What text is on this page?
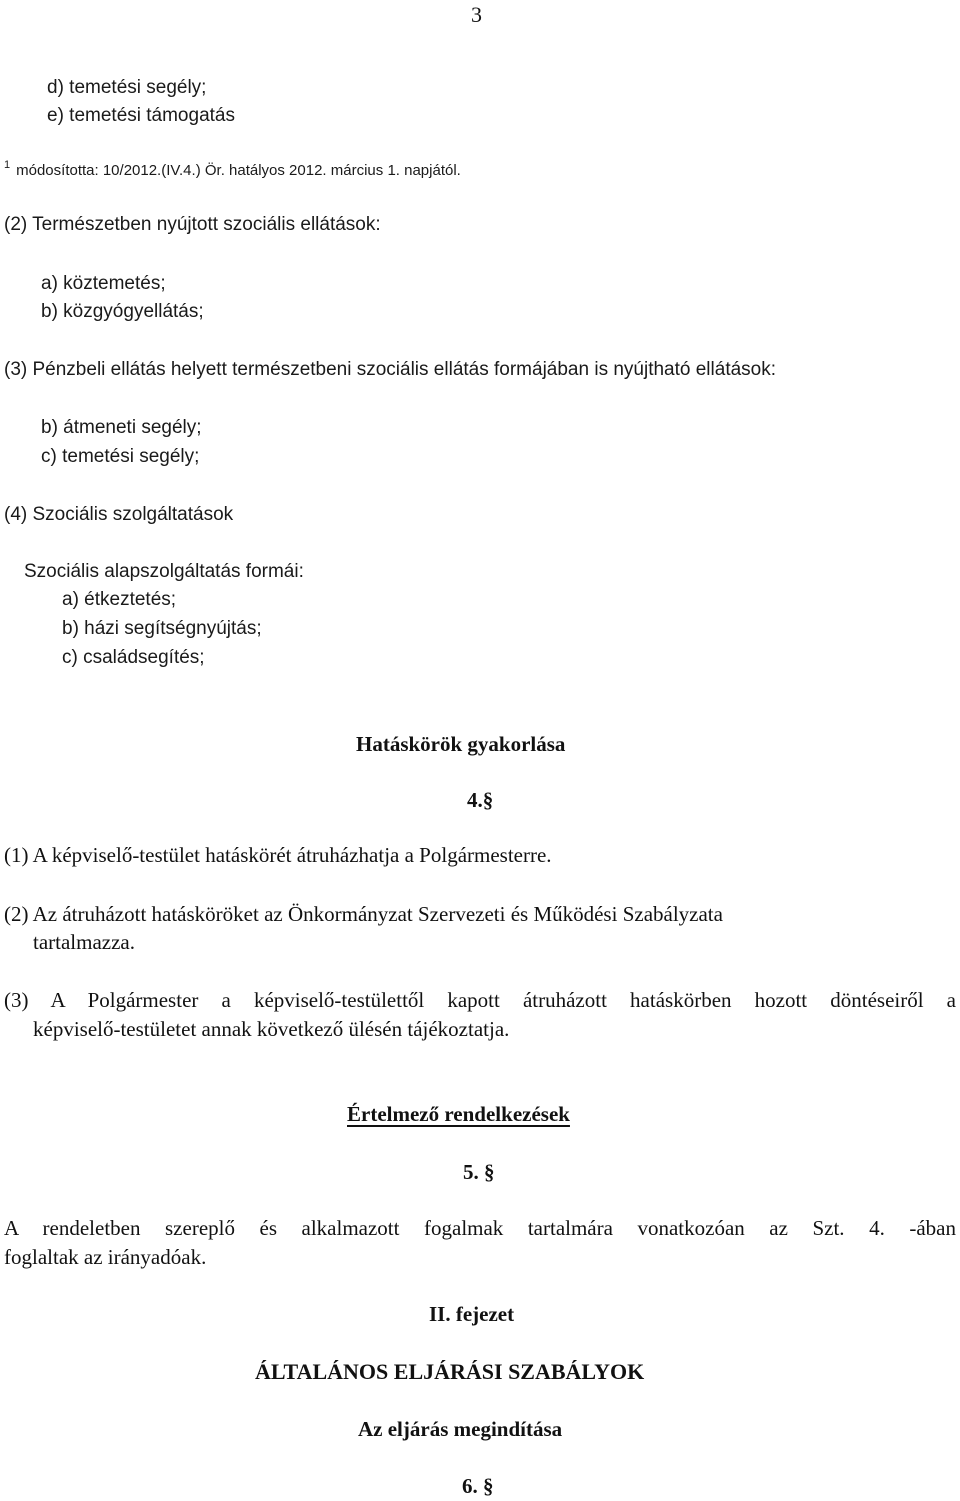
3
d) temetési segély;
e) temetési támogatás
$^1$ módosította: 10/2012.(IV.4.) Ör. hatályos 2012. március 1. napjától.
(2) Természetben nyújtott szociális ellátások:
a) köztemetés;
b) közgyógyellátás;
(3) Pénzbeli ellátás helyett természetbeni szociális ellátás formájában is nyújtható ellátások:
b) átmeneti segély;
c) temetési segély;
(4) Szociális szolgáltatások
Szociális alapszolgáltatás formái:
a) étkeztetés;
b) házi segítségnyújtás;
c) családsegítés;
Hatáskörök gyakorlása
4.§
(1) A képviselő-testület hatáskörét átruházhatja a Polgármesterre.
(2) Az átruházott hatásköröket az Önkormányzat Szervezeti és Működési Szabályzata
tartalmazza.
(3) A Polgármester a képviselő-testülettől kapott átruházott hatáskörben hozott döntéseiről a
képviselő-testületet annak következő ülésén tájékoztatja.
Értelmező rendelkezések
5. §
A rendeletben szereplő és alkalmazott fogalmak tartalmára vonatkozóan az Szt. 4. -ában
foglaltak az irányadóak.
II. fejezet
ÁLTALÁNOS ELJÁRÁSI SZABÁLYOK
Az eljárás megindítása
6. §
